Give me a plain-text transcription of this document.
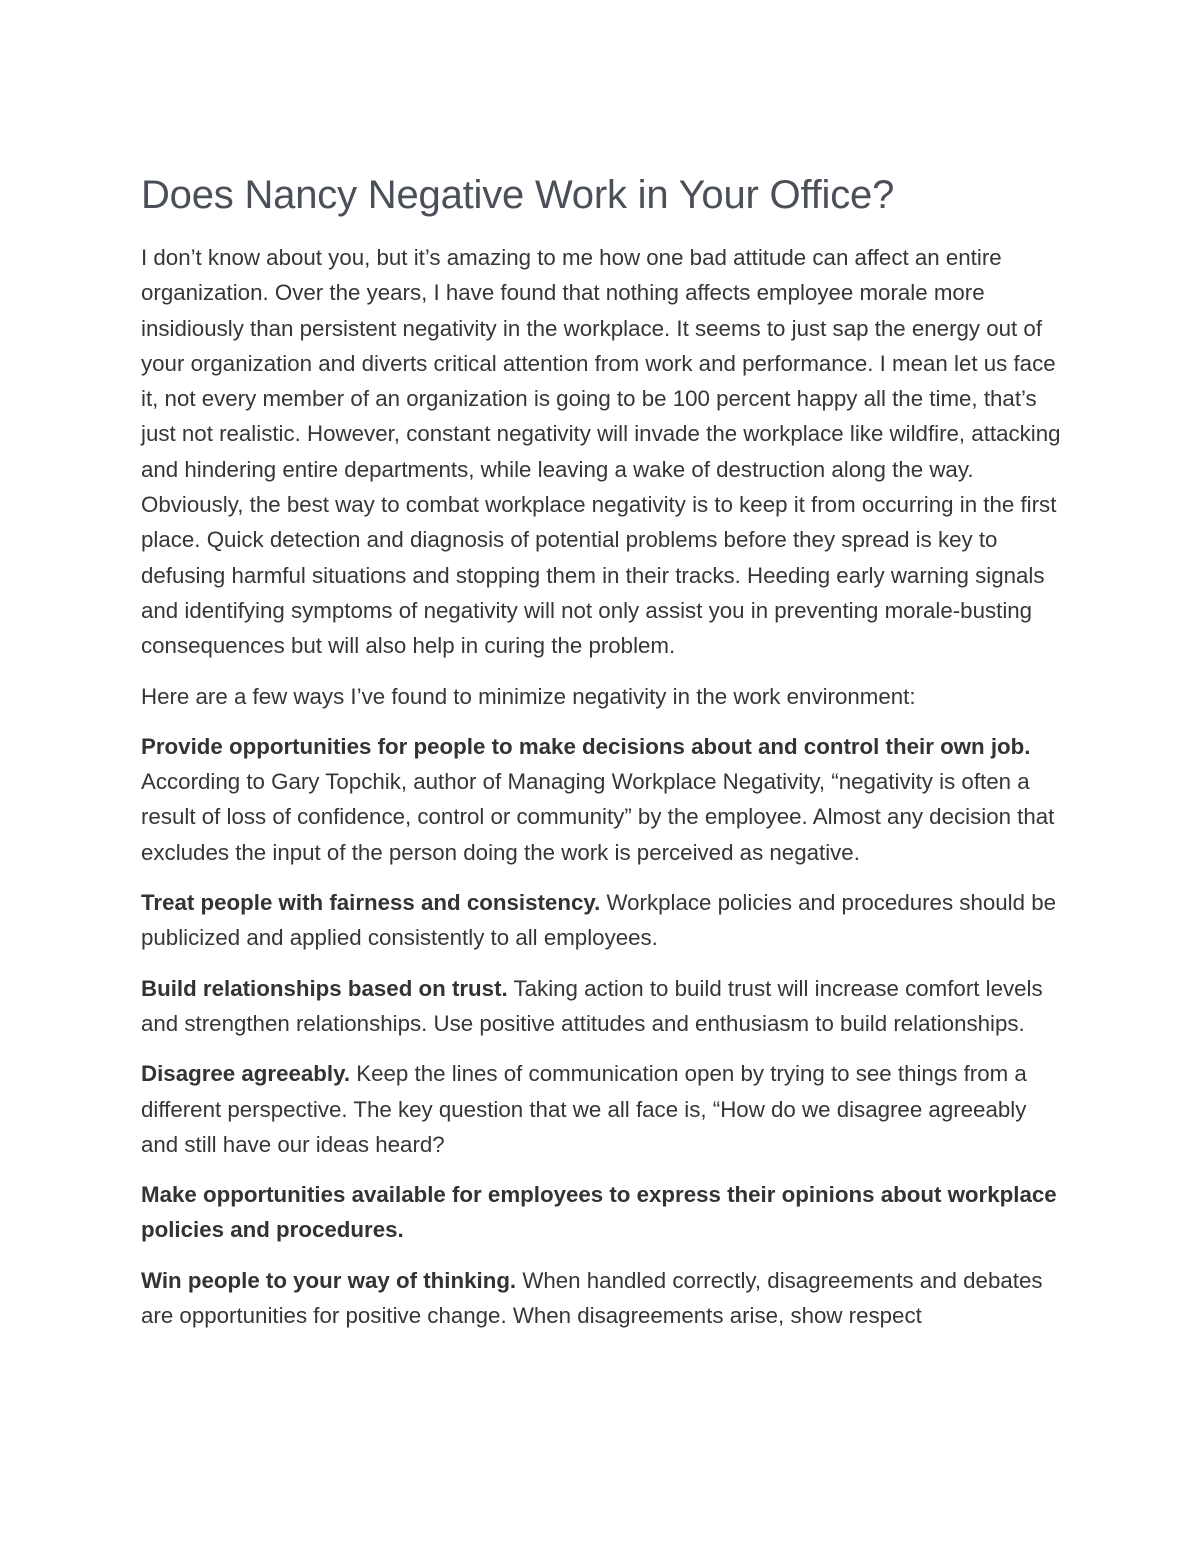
Does Nancy Negative Work in Your Office?

I don’t know about you, but it’s amazing to me how one bad attitude can affect an entire organization. Over the years, I have found that nothing affects employee morale more insidiously than persistent negativity in the workplace. It seems to just sap the energy out of your organization and diverts critical attention from work and performance. I mean let us face it, not every member of an organization is going to be 100 percent happy all the time, that’s just not realistic. However, constant negativity will invade the workplace like wildfire, attacking and hindering entire departments, while leaving a wake of destruction along the way.

Obviously, the best way to combat workplace negativity is to keep it from occurring in the first place. Quick detection and diagnosis of potential problems before they spread is key to defusing harmful situations and stopping them in their tracks. Heeding early warning signals and identifying symptoms of negativity will not only assist you in preventing morale-busting consequences but will also help in curing the problem.

Here are a few ways I’ve found to minimize negativity in the work environment:

Provide opportunities for people to make decisions about and control their own job. According to Gary Topchik, author of Managing Workplace Negativity, “negativity is often a result of loss of confidence, control or community” by the employee. Almost any decision that excludes the input of the person doing the work is perceived as negative.

Treat people with fairness and consistency. Workplace policies and procedures should be publicized and applied consistently to all employees.

Build relationships based on trust. Taking action to build trust will increase comfort levels and strengthen relationships. Use positive attitudes and enthusiasm to build relationships.

Disagree agreeably. Keep the lines of communication open by trying to see things from a different perspective. The key question that we all face is, “How do we disagree agreeably and still have our ideas heard?

Make opportunities available for employees to express their opinions about workplace policies and procedures.

Win people to your way of thinking. When handled correctly, disagreements and debates are opportunities for positive change. When disagreements arise, show respect
